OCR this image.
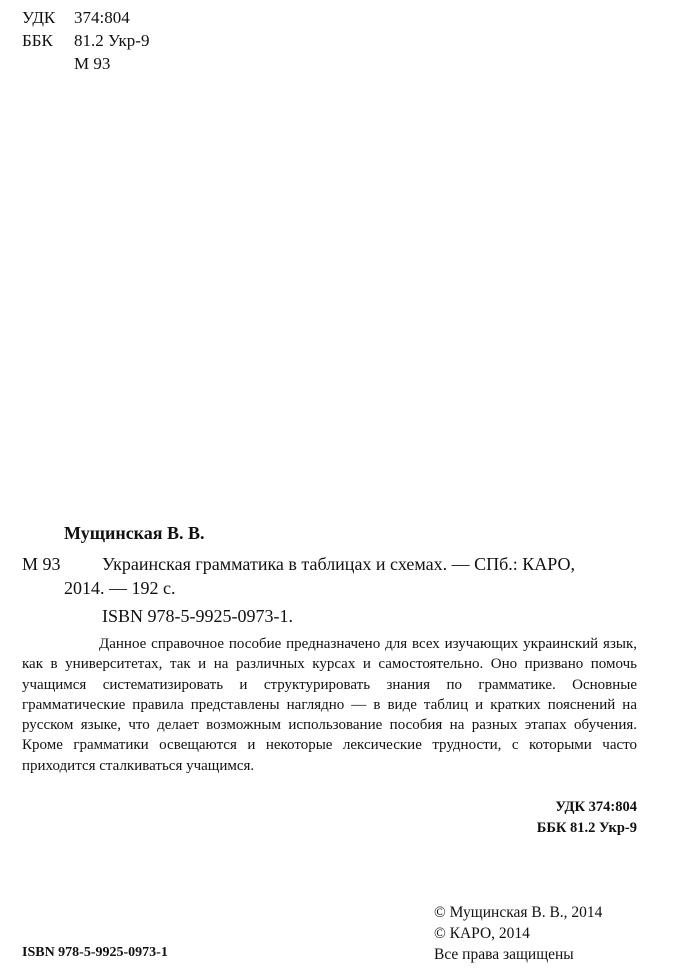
УДК 374:804
ББК 81.2 Укр-9
М 93
Мущинская В. В.
М 93 Украинская грамматика в таблицах и схемах. — СПб.: КАРО,
2014. — 192 с.
ISBN 978-5-9925-0973-1.

Данное справочное пособие предназначено для всех изучающих украинский язык, как в университетах, так и на различных курсах и самостоятельно. Оно призвано помочь учащимся систематизировать и структурировать знания по грамматике. Основные грамматические правила представлены наглядно — в виде таблиц и кратких пояснений на русском языке, что делает возможным использование пособия на разных этапах обучения. Кроме грамматики освещаются и некоторые лексические трудности, с которыми часто приходится сталкиваться учащимся.

УДК 374:804
ББК 81.2 Укр-9
ISBN 978-5-9925-0973-1
© Мущинская В. В., 2014
© КАРО, 2014
Все права защищены
